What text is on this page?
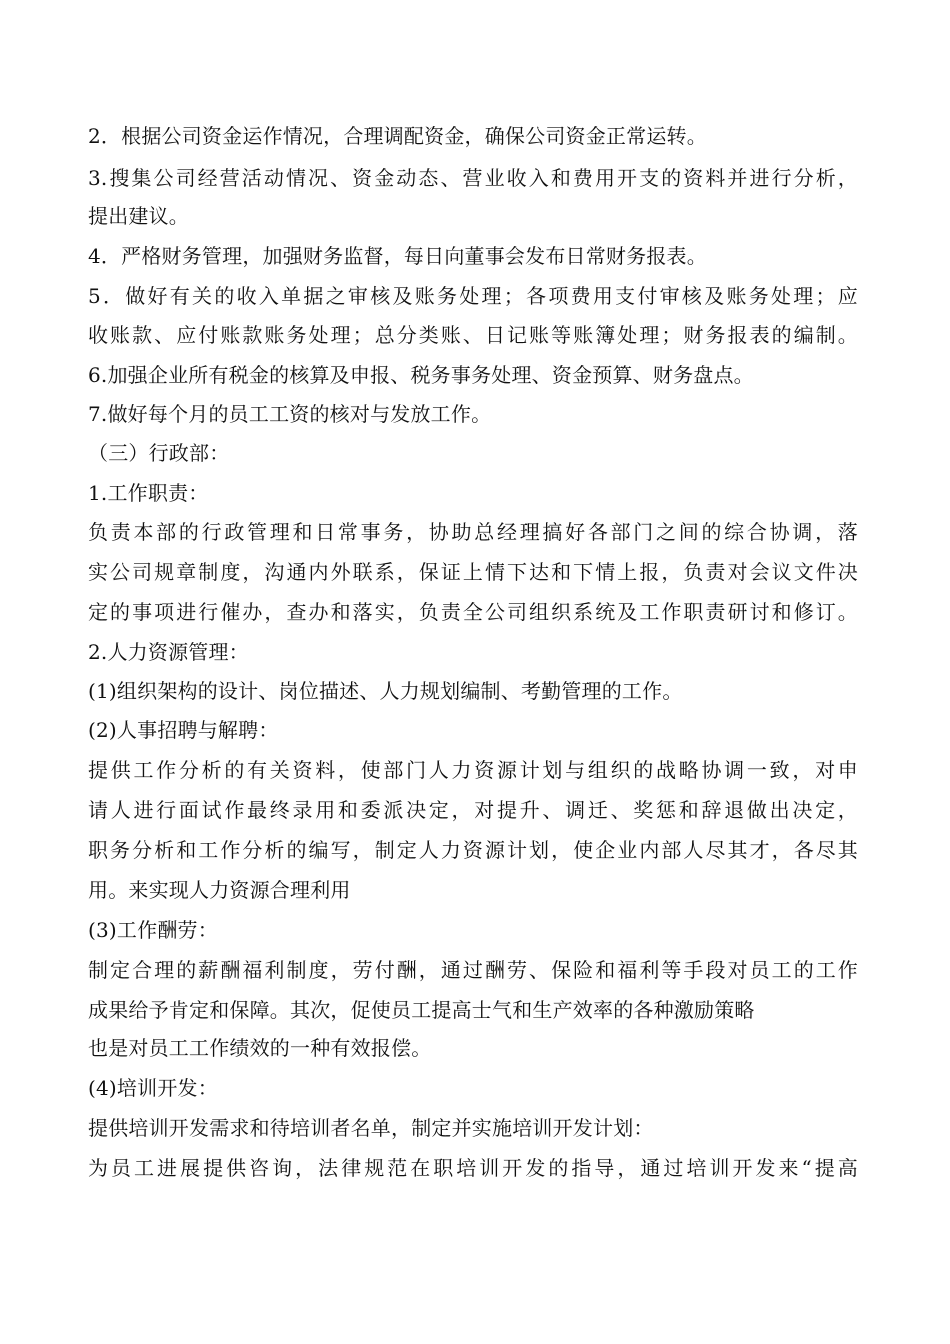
2．根据公司资金运作情况，合理调配资金，确保公司资金正常运转。
3.搜集公司经营活动情况、资金动态、营业收入和费用开支的资料并进行分析，
提出建议。
4．严格财务管理，加强财务监督，每日向董事会发布日常财务报表。
5．做好有关的收入单据之审核及账务处理；各项费用支付审核及账务处理；应
收账款、应付账款账务处理；总分类账、日记账等账簿处理；财务报表的编制。
6.加强企业所有税金的核算及申报、税务事务处理、资金预算、财务盘点。
7.做好每个月的员工工资的核对与发放工作。
（三）行政部：
1.工作职责：
负责本部的行政管理和日常事务，协助总经理搞好各部门之间的综合协调，落
实公司规章制度，沟通内外联系，保证上情下达和下情上报，负责对会议文件决
定的事项进行催办，查办和落实，负责全公司组织系统及工作职责研讨和修订。
2.人力资源管理：
(1)组织架构的设计、岗位描述、人力规划编制、考勤管理的工作。
(2)人事招聘与解聘：
提供工作分析的有关资料，使部门人力资源计划与组织的战略协调一致，对申
请人进行面试作最终录用和委派决定，对提升、调迁、奖惩和辞退做出决定，
职务分析和工作分析的编写，制定人力资源计划，使企业内部人尽其才，各尽其
用。来实现人力资源合理利用
(3)工作酬劳：
制定合理的薪酬福利制度，劳付酬，通过酬劳、保险和福利等手段对员工的工作
成果给予肯定和保障。其次，促使员工提高士气和生产效率的各种激励策略
也是对员工工作绩效的一种有效报偿。
(4)培训开发：
提供培训开发需求和待培训者名单，制定并实施培训开发计划：
为员工进展提供咨询，法律规范在职培训开发的指导，通过培训开发来“提高
